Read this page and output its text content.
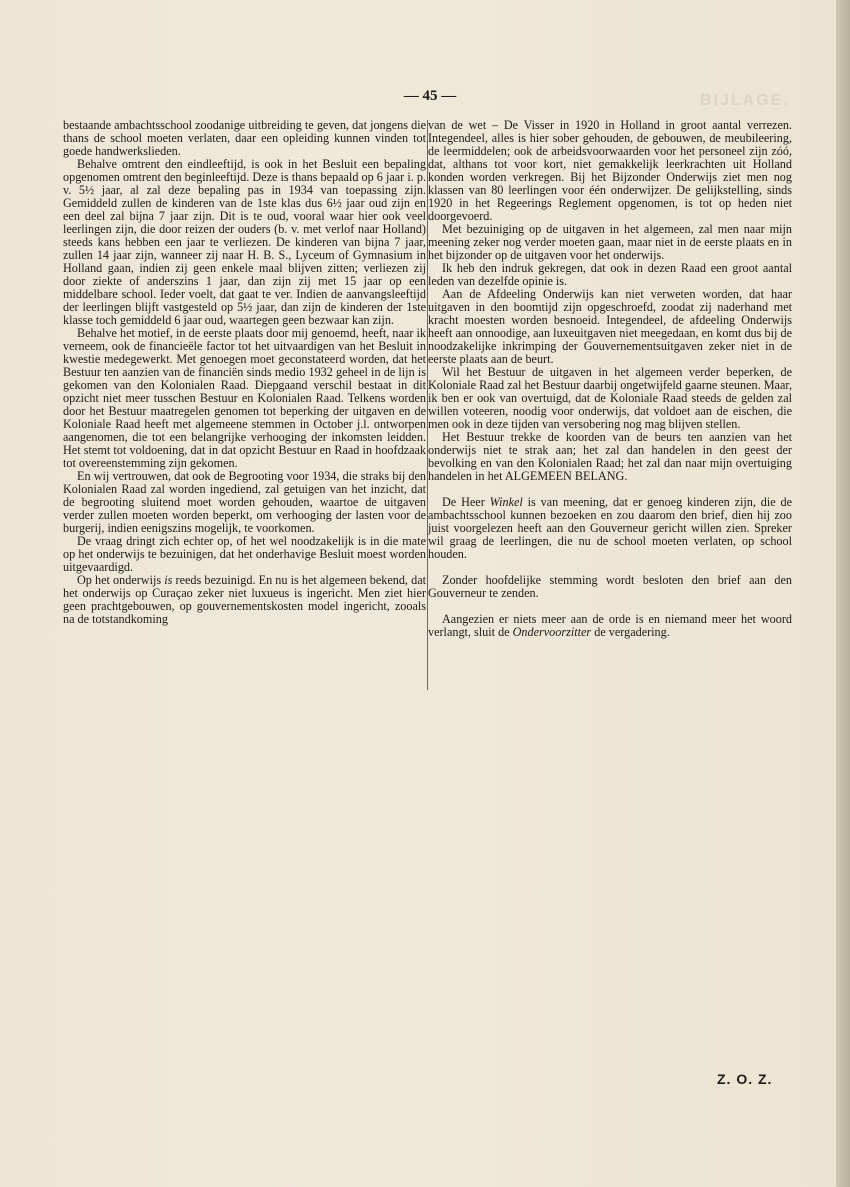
BIJLAGE.
— 45 —

bestaande ambachtsschool zoodanige uitbreiding te geven, dat jongens die thans de school moeten verlaten, daar een opleiding kunnen vinden tot goede handwerkslieden.

Behalve omtrent den eindleeftijd, is ook in het Besluit een bepaling opgenomen omtrent den beginleeftijd. Deze is thans bepaald op 6 jaar i. p. v. 5½ jaar, al zal deze bepaling pas in 1934 van toepassing zijn. Gemiddeld zullen de kinderen van de 1ste klas dus 6½ jaar oud zijn en een deel zal bijna 7 jaar zijn. Dit is te oud, vooral waar hier ook veel leerlingen zijn, die door reizen der ouders (b. v. met verlof naar Holland) steeds kans hebben een jaar te verliezen. De kinderen van bijna 7 jaar, zullen 14 jaar zijn, wanneer zij naar H. B. S., Lyceum of Gymnasium in Holland gaan, indien zij geen enkele maal blijven zitten; verliezen zij door ziekte of anderszins 1 jaar, dan zijn zij met 15 jaar op een middelbare school. Ieder voelt, dat gaat te ver. Indien de aanvangsleeftijd der leerlingen blijft vastgesteld op 5½ jaar, dan zijn de kinderen der 1ste klasse toch gemiddeld 6 jaar oud, waartegen geen bezwaar kan zijn.

Behalve het motief, in de eerste plaats door mij genoemd, heeft, naar ik verneem, ook de financieële factor tot het uitvaardigen van het Besluit in kwestie medegewerkt. Met genoegen moet geconstateerd worden, dat het Bestuur ten aanzien van de financiën sinds medio 1932 geheel in de lijn is gekomen van den Kolonialen Raad. Diepgaand verschil bestaat in dit opzicht niet meer tusschen Bestuur en Kolonialen Raad. Telkens worden door het Bestuur maatregelen genomen tot beperking der uitgaven en de Koloniale Raad heeft met algemeene stemmen in October j.l. ontworpen aangenomen, die tot een belangrijke verhooging der inkomsten leidden. Het stemt tot voldoening, dat in dat opzicht Bestuur en Raad in hoofdzaak tot overeenstemming zijn gekomen.

En wij vertrouwen, dat ook de Begrooting voor 1934, die straks bij den Kolonialen Raad zal worden ingediend, zal getuigen van het inzicht, dat de begrooting sluitend moet worden gehouden, waartoe de uitgaven verder zullen moeten worden beperkt, om verhooging der lasten voor de burgerij, indien eenigszins mogelijk, te voorkomen.

De vraag dringt zich echter op, of het wel noodzakelijk is in die mate op het onderwijs te bezuinigen, dat het onderhavige Besluit moest worden uitgevaardigd.

Op het onderwijs is reeds bezuinigd. En nu is het algemeen bekend, dat het onderwijs op Curaçao zeker niet luxueus is ingericht. Men ziet hier geen prachtgebouwen, op gouvernementskosten model ingericht, zooals na de totstandkoming

van de wet – De Visser in 1920 in Holland in groot aantal verrezen. Integendeel, alles is hier sober gehouden, de gebouwen, de meubileering, de leermiddelen; ook de arbeidsvoorwaarden voor het personeel zijn zóó, dat, althans tot voor kort, niet gemakkelijk leerkrachten uit Holland konden worden verkregen. Bij het Bijzonder Onderwijs ziet men nog klassen van 80 leerlingen voor één onderwijzer. De gelijkstelling, sinds 1920 in het Regeerings Reglement opgenomen, is tot op heden niet doorgevoerd.

Met bezuiniging op de uitgaven in het algemeen, zal men naar mijn meening zeker nog verder moeten gaan, maar niet in de eerste plaats en in het bijzonder op de uitgaven voor het onderwijs.

Ik heb den indruk gekregen, dat ook in dezen Raad een groot aantal leden van dezelfde opinie is.

Aan de Afdeeling Onderwijs kan niet verweten worden, dat haar uitgaven in den boomtijd zijn opgeschroefd, zoodat zij naderhand met kracht moesten worden besnoeid. Integendeel, de afdeeling Onderwijs heeft aan onnoodige, aan luxeuitgaven niet meegedaan, en komt dus bij de noodzakelijke inkrimping der Gouvernementsuitgaven zeker niet in de eerste plaats aan de beurt.

Wil het Bestuur de uitgaven in het algemeen verder beperken, de Koloniale Raad zal het Bestuur daarbij ongetwijfeld gaarne steunen. Maar, ik ben er ook van overtuigd, dat de Koloniale Raad steeds de gelden zal willen voteeren, noodig voor onderwijs, dat voldoet aan de eischen, die men ook in deze tijden van versobering nog mag blijven stellen.

Het Bestuur trekke de koorden van de beurs ten aanzien van het onderwijs niet te strak aan; het zal dan handelen in den geest der bevolking en van den Kolonialen Raad; het zal dan naar mijn overtuiging handelen in het ALGEMEEN BELANG.

De Heer Winkel is van meening, dat er genoeg kinderen zijn, die de ambachtsschool kunnen bezoeken en zou daarom den brief, dien hij zoo juist voorgelezen heeft aan den Gouverneur gericht willen zien. Spreker wil graag de leerlingen, die nu de school moeten verlaten, op school houden.

Zonder hoofdelijke stemming wordt besloten den brief aan den Gouverneur te zenden.

Aangezien er niets meer aan de orde is en niemand meer het woord verlangt, sluit de Ondervoorzitter de vergadering.

Z. O. Z.
